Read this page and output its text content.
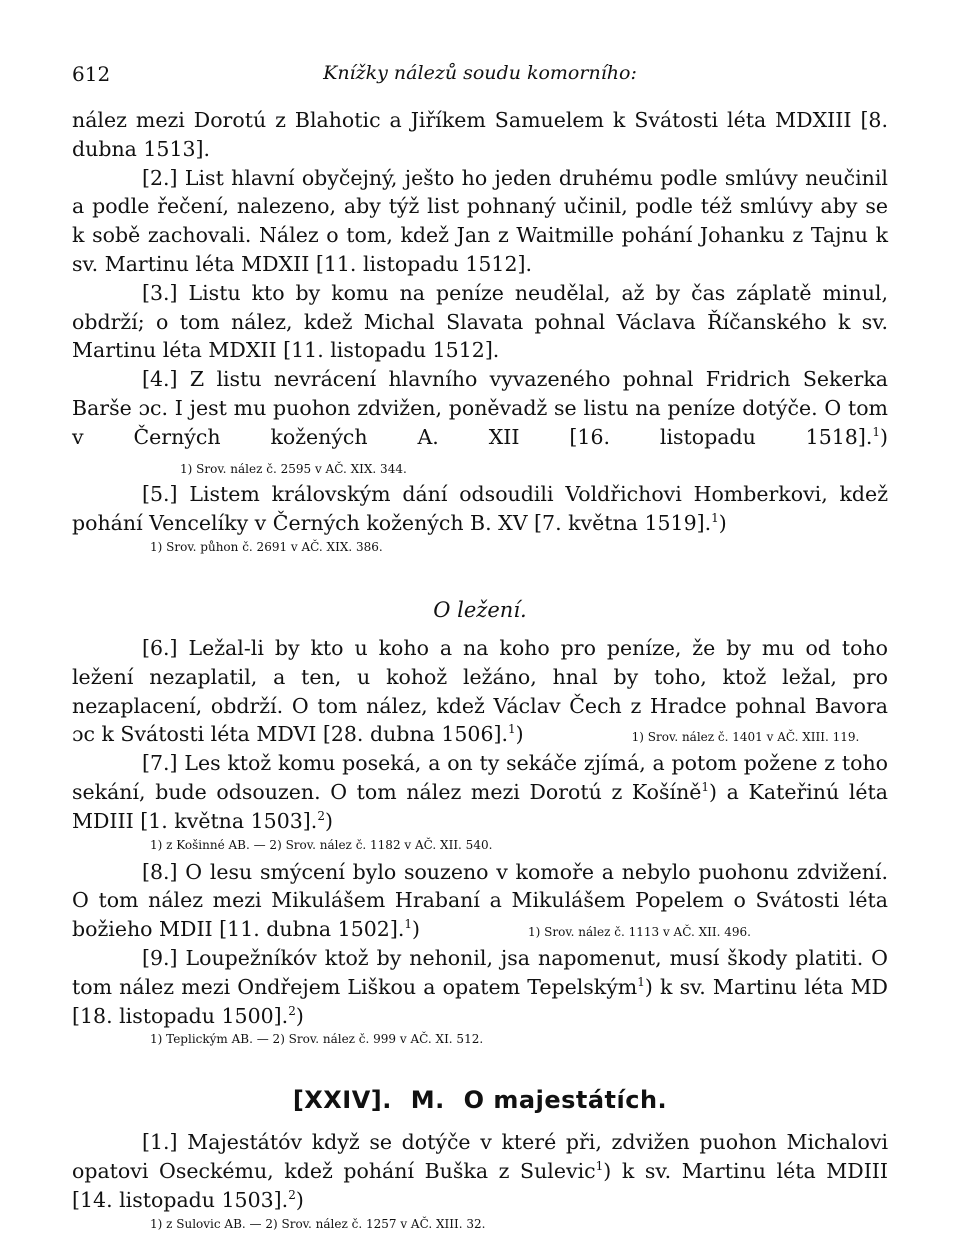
612	Knížky nálezů soudu komorního:

nález mezi Dorotú z Blahotic a Jiříkem Samuelem k Svátosti léta MDXIII [8. dubna 1513].

[2.] List hlavní obyčejný, ješto ho jeden druhému podle smlúvy neučinil a podle řečení, nalezeno, aby týž list pohnaný učinil, podle též smlúvy aby se k sobě zachovali. Nález o tom, kdež Jan z Waitmille pohání Johanku z Tajnu k sv. Martinu léta MDXII [11. listopadu 1512].

[3.] Listu kto by komu na peníze neudělal, až by čas záplatě minul, obdrží; o tom nález, kdež Michal Slavata pohnal Václava Říčanského k sv. Martinu léta MDXII [11. listopadu 1512].

[4.] Z listu nevrácení hlavního vyvazeného pohnal Fridrich Sekerka Barše ɔc. I jest mu puohon zdvižen, poněvadž se listu na peníze dotýče. O tom v Černých kožených A. XII [16. listopadu 1518].$^1$)1) Srov. nález č. 2595 v AČ. XIX. 344.

[5.] Listem královským dání odsoudili Voldřichovi Homberkovi, kdež pohání Vencelíky v Černých kožených B. XV [7. května 1519].$^1$)

1) Srov. půhon č. 2691 v AČ. XIX. 386.
O ležení.

[6.] Ležal-li by kto u koho a na koho pro peníze, že by mu od toho ležení nezaplatil, a ten, u kohož ležáno, hnal by toho, ktož ležal, pro nezaplacení, obdrží. O tom nález, kdež Václav Čech z Hradce pohnal Bavora ɔc k Svátosti léta MDVI [28. dubna 1506].$^1$)	1) Srov. nález č. 1401 v AČ. XIII. 119.

[7.] Les ktož komu poseká, a on ty sekáče zjímá, a potom požene z toho sekání, bude odsouzen. O tom nález mezi Dorotú z Košíně$^1$) a Kateřinú léta MDIII [1. května 1503].$^2$)

1) z Košinné AB. — 2) Srov. nález č. 1182 v AČ. XII. 540.

[8.] O lesu smýcení bylo souzeno v komoře a nebylo puohonu zdvižení. O tom nález mezi Mikulášem Hrabaní a Mikulášem Popelem o Svátosti léta božieho MDII [11. dubna 1502].$^1$)	1) Srov. nález č. 1113 v AČ. XII. 496.

[9.] Loupežníkóv ktož by nehonil, jsa napomenut, musí škody platiti. O tom nález mezi Ondřejem Liškou a opatem Tepelským$^1$) k sv. Martinu léta MD [18. listopadu 1500].$^2$)

1) Teplickým AB. — 2) Srov. nález č. 999 v AČ. XI. 512.
[XXIV]. M. O majestátích.

[1.] Majestátóv když se dotýče v které při, zdvižen puohon Michalovi opatovi Oseckému, kdež pohání Buška z Sulevic$^1$) k sv. Martinu léta MDIII [14. listopadu 1503].$^2$)

1) z Sulovic AB. — 2) Srov. nález č. 1257 v AČ. XIII. 32.
